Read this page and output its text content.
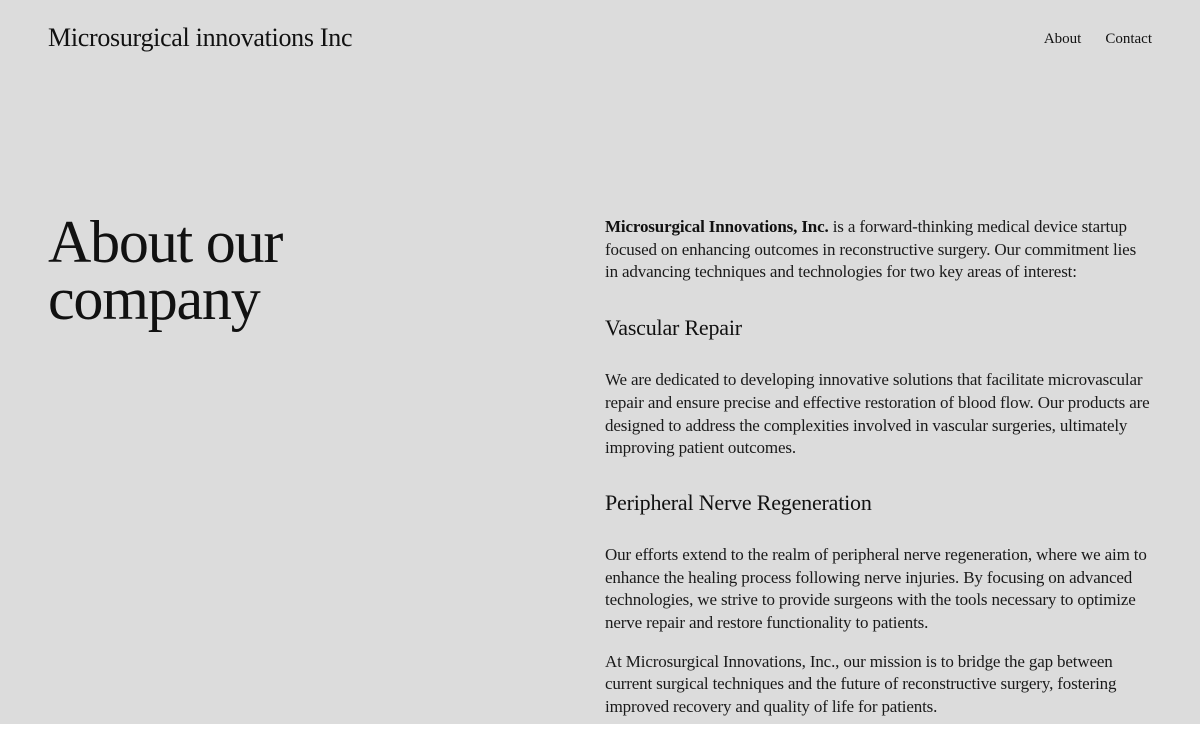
Microsurgical innovations Inc	About Contact
About our
company

Microsurgical Innovations, Inc. is a forward-thinking medical device startup focused on enhancing outcomes in reconstructive surgery. Our commitment lies in advancing techniques and technologies for two key areas of interest:

Vascular Repair

We are dedicated to developing innovative solutions that facilitate microvascular repair and ensure precise and effective restoration of blood flow. Our products are designed to address the complexities involved in vascular surgeries, ultimately improving patient outcomes.

Peripheral Nerve Regeneration

Our efforts extend to the realm of peripheral nerve regeneration, where we aim to enhance the healing process following nerve injuries. By focusing on advanced technologies, we strive to provide surgeons with the tools necessary to optimize nerve repair and restore functionality to patients.

At Microsurgical Innovations, Inc., our mission is to bridge the gap between current surgical techniques and the future of reconstructive surgery, fostering improved recovery and quality of life for patients.
